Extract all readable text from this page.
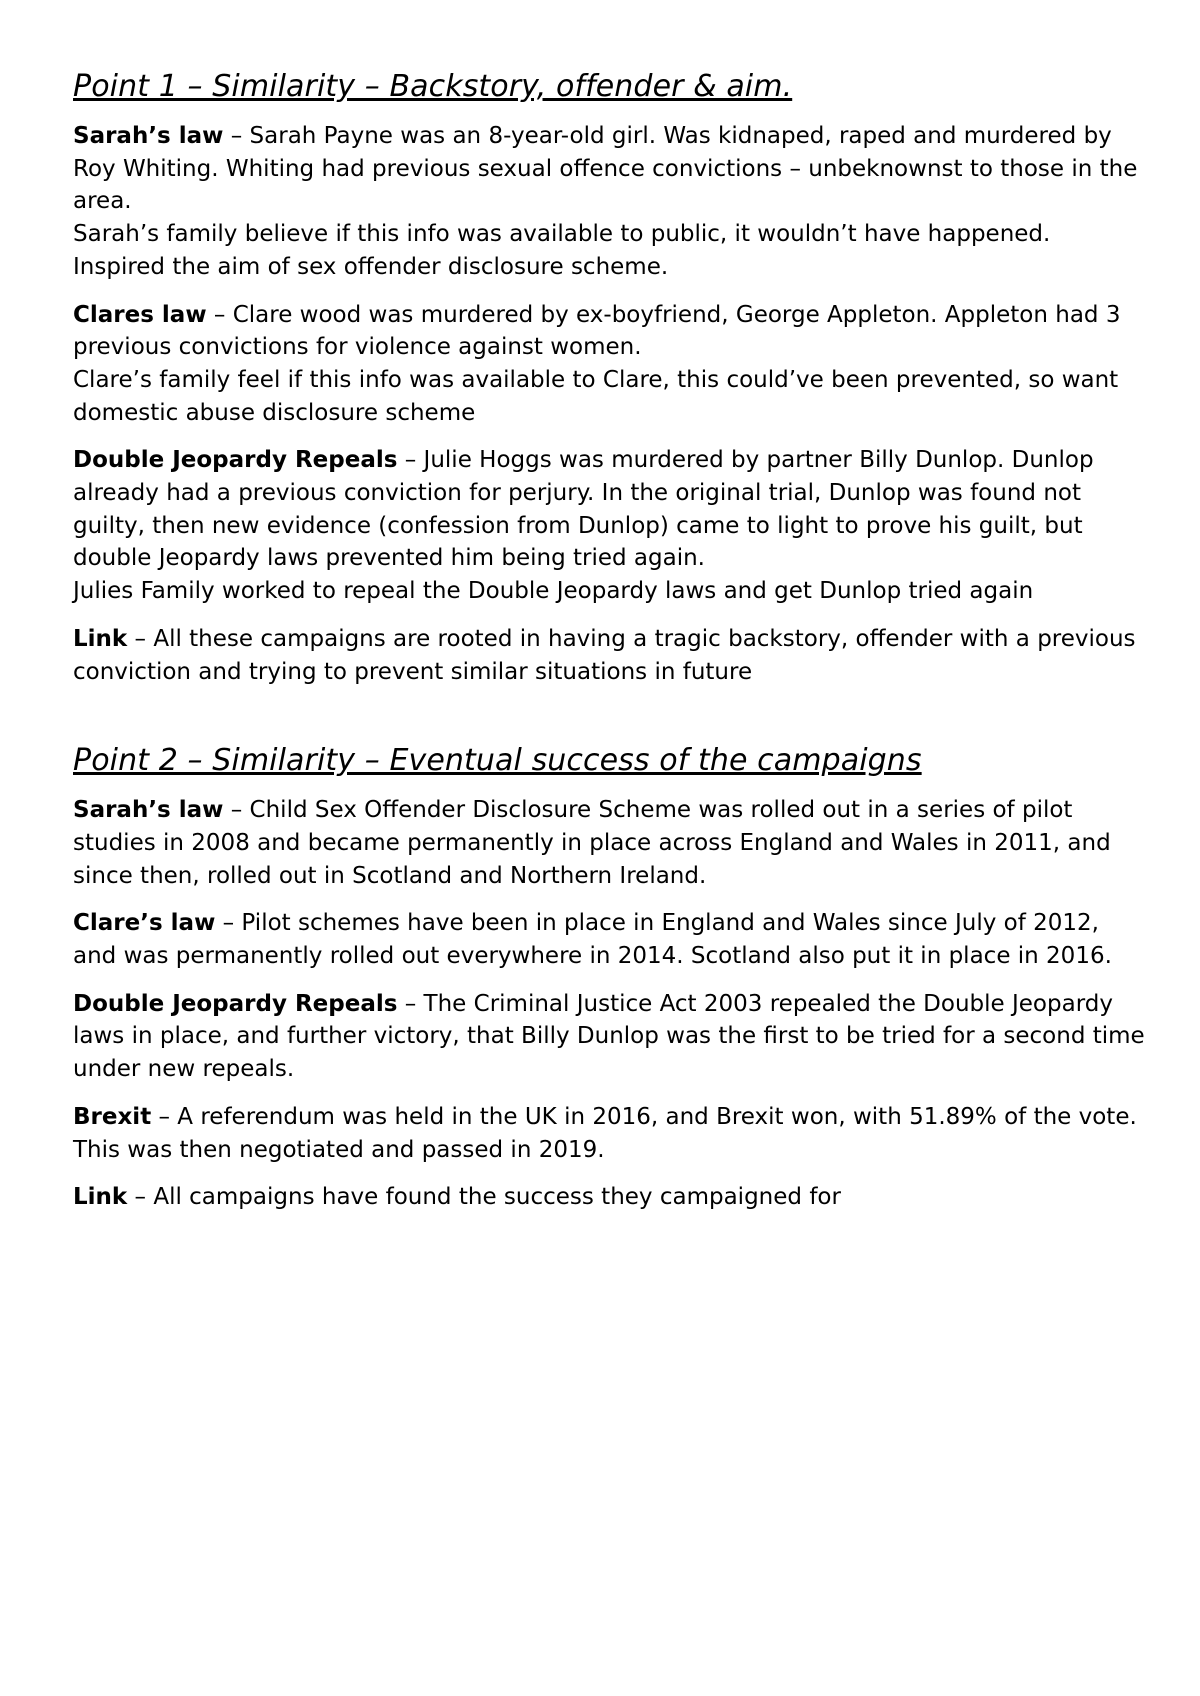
Point 1 – Similarity – Backstory, offender & aim.

Sarah’s law – Sarah Payne was an 8-year-old girl. Was kidnaped, raped and murdered by Roy Whiting. Whiting had previous sexual offence convictions – unbeknownst to those in the area.
Sarah’s family believe if this info was available to public, it wouldn’t have happened. Inspired the aim of sex offender disclosure scheme.

Clares law – Clare wood was murdered by ex-boyfriend, George Appleton. Appleton had 3 previous convictions for violence against women.
Clare’s family feel if this info was available to Clare, this could’ve been prevented, so want domestic abuse disclosure scheme

Double Jeopardy Repeals – Julie Hoggs was murdered by partner Billy Dunlop. Dunlop already had a previous conviction for perjury. In the original trial, Dunlop was found not guilty, then new evidence (confession from Dunlop) came to light to prove his guilt, but double Jeopardy laws prevented him being tried again.
Julies Family worked to repeal the Double Jeopardy laws and get Dunlop tried again

Link – All these campaigns are rooted in having a tragic backstory, offender with a previous conviction and trying to prevent similar situations in future

Point 2 – Similarity – Eventual success of the campaigns

Sarah’s law – Child Sex Offender Disclosure Scheme was rolled out in a series of pilot studies in 2008 and became permanently in place across England and Wales in 2011, and since then, rolled out in Scotland and Northern Ireland.

Clare’s law – Pilot schemes have been in place in England and Wales since July of 2012, and was permanently rolled out everywhere in 2014. Scotland also put it in place in 2016.

Double Jeopardy Repeals – The Criminal Justice Act 2003 repealed the Double Jeopardy laws in place, and further victory, that Billy Dunlop was the first to be tried for a second time under new repeals.

Brexit – A referendum was held in the UK in 2016, and Brexit won, with 51.89% of the vote. This was then negotiated and passed in 2019.

Link – All campaigns have found the success they campaigned for
